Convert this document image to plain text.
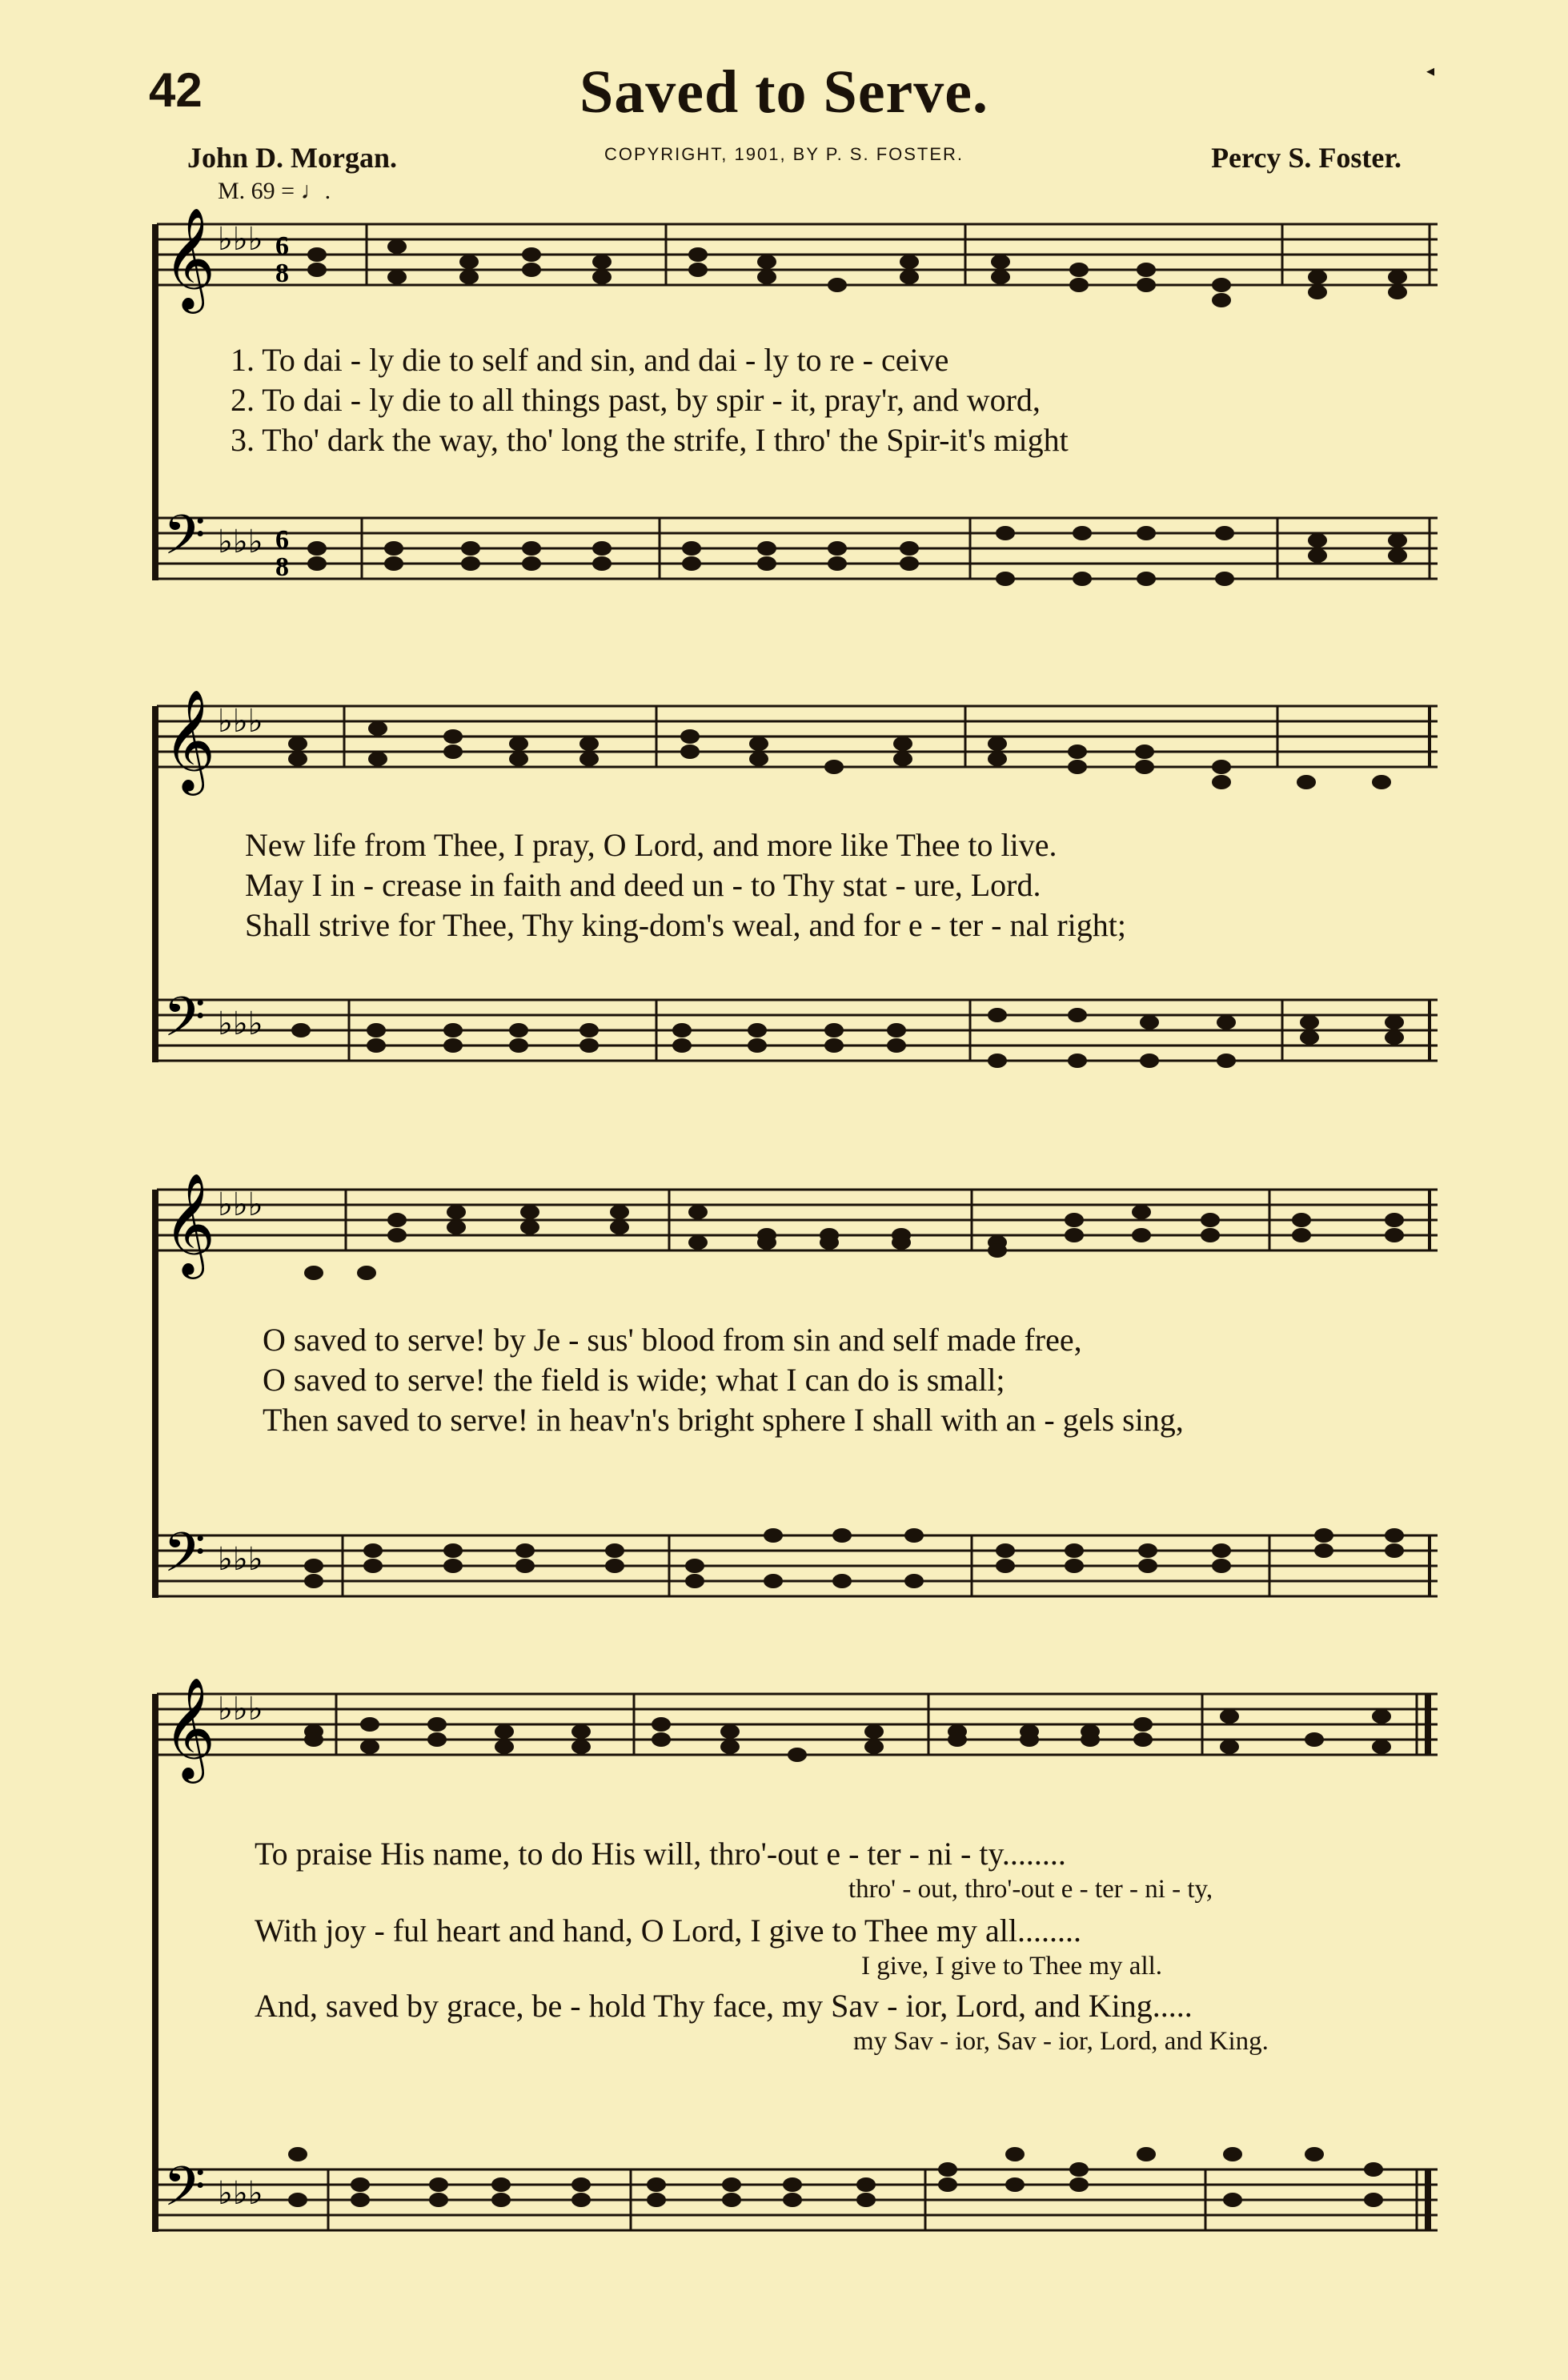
42	Saved to Serve.
John D. Morgan.	COPYRIGHT, 1901, BY P. S. FOSTER.	Percy S. Foster.
M. 69 = ♩.
◂
𝄞
𝄢
♭♭♭
♭♭♭
6
8
6
8
𝄞
𝄢
♭♭♭
♭♭♭
𝄞
𝄢
♭♭♭
♭♭♭
𝄞
𝄢
♭♭♭
♭♭♭
1. To dai - ly die to self and sin, and dai - ly to re - ceive
2. To dai - ly die to all things past, by spir - it, pray'r, and word,
3. Tho' dark the way, tho' long the strife, I thro' the Spir-it's might
New life from Thee, I pray, O Lord, and more like Thee to live.
May I in - crease in faith and deed un - to Thy stat - ure, Lord.
Shall strive for Thee, Thy king-dom's weal, and for e - ter - nal right;
O saved to serve! by Je - sus' blood from sin and self made free,
O saved to serve! the field is wide; what I can do is small;
Then saved to serve! in heav'n's bright sphere I shall with an - gels sing,
To praise His name, to do His will, thro'-out e - ter - ni - ty........
thro' - out, thro'-out e - ter - ni - ty,
With joy - ful heart and hand, O Lord, I give to Thee my all........
I give, I give to Thee my all.
And, saved by grace, be - hold Thy face, my Sav - ior, Lord, and King.....
my Sav - ior, Sav - ior, Lord, and King.
